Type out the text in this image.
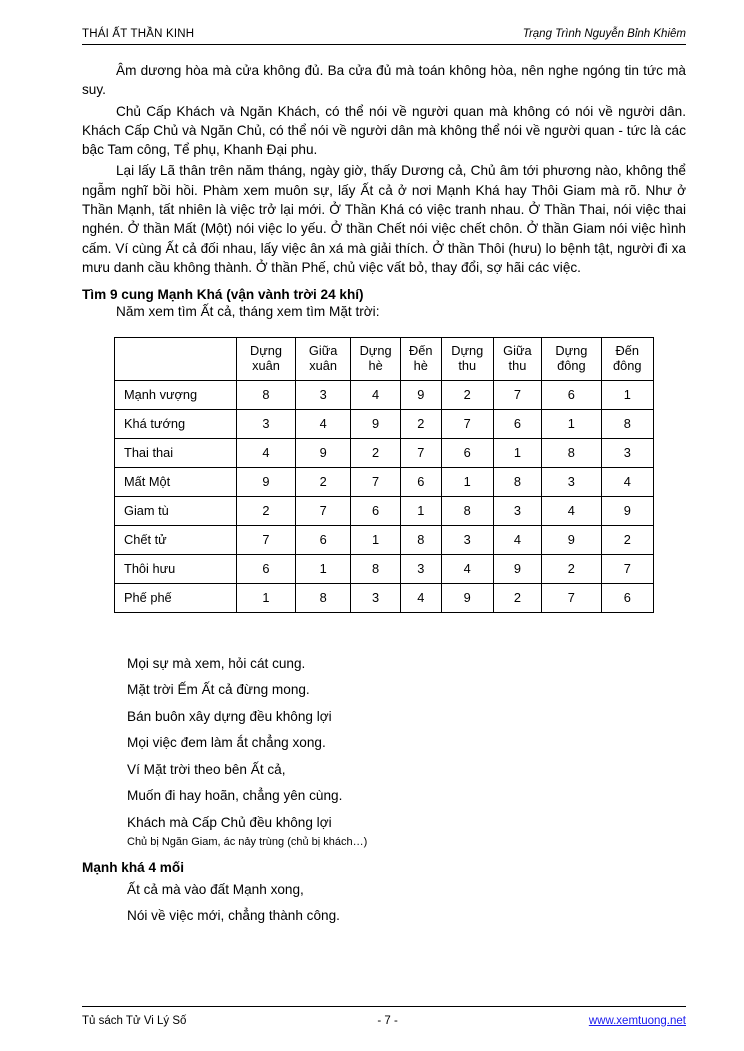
THÁI ẤT THẦN KINH	Trạng Trình Nguyễn Bỉnh Khiêm

Âm dương hòa mà cửa không đủ. Ba cửa đủ mà toán không hòa, nên nghe ngóng tin tức mà suy.

Chủ Cấp Khách và Ngăn Khách, có thể nói về người quan mà không có nói về người dân. Khách Cấp Chủ và Ngăn Chủ, có thể nói về người dân mà không thể nói về người quan - tức là các bậc Tam công, Tể phụ, Khanh Đại phu.

Lại lấy Lã thân trên năm tháng, ngày giờ, thấy Dương cả, Chủ âm tới phương nào, không thể ngẫm nghĩ bồi hồi. Phàm xem muôn sự, lấy Ất cả ở nơi Mạnh Khá hay Thôi Giam mà rõ. Như ở Thần Mạnh, tất nhiên là việc trở lại mới. Ở Thần Khá có việc tranh nhau. Ở Thần Thai, nói việc thai nghén. Ở thần Mất (Một) nói việc lo yếu. Ở thần Chết nói việc chết chôn. Ở thần Giam nói việc hình cấm. Ví cùng Ất cả đối nhau, lấy việc ân xá mà giải thích. Ở thần Thôi (hưu) lo bệnh tật, người đi xa mưu danh cầu không thành. Ở thần Phế, chủ việc vất bỏ, thay đổi, sợ hãi các việc.

Tìm 9 cung Mạnh Khá (vận vành trời 24 khí)

Năm xem tìm Ất cả, tháng xem tìm Mặt trời:

	Dựng xuân	Giữa xuân	Dựng hè	Đến hè	Dựng thu	Giữa thu	Dựng đông	Đến đông
Mạnh vượng	8	3	4	9	2	7	6	1
Khá tướng	3	4	9	2	7	6	1	8
Thai thai	4	9	2	7	6	1	8	3
Mất Một	9	2	7	6	1	8	3	4
Giam tù	2	7	6	1	8	3	4	9
Chết tử	7	6	1	8	3	4	9	2
Thôi hưu	6	1	8	3	4	9	2	7
Phế phế	1	8	3	4	9	2	7	6
Mọi sự mà xem, hỏi cát cung.
Mặt trời Ếm Ất cả đừng mong.
Bán buôn xây dựng đều không lợi
Mọi việc đem làm ắt chẳng xong.
Ví Mặt trời theo bên Ất cả,
Muốn đi hay hoãn, chẳng yên cùng.
Khách mà Cấp Chủ đều không lợi
Chủ bị Ngăn Giam, ác nảy trùng (chủ bị khách…)
Mạnh khá 4 mối
Ất cả mà vào đất Mạnh xong,
Nói về việc mới, chẳng thành công.
Tủ sách Tử Vi Lý Số	- 7 -	www.xemtuong.net
